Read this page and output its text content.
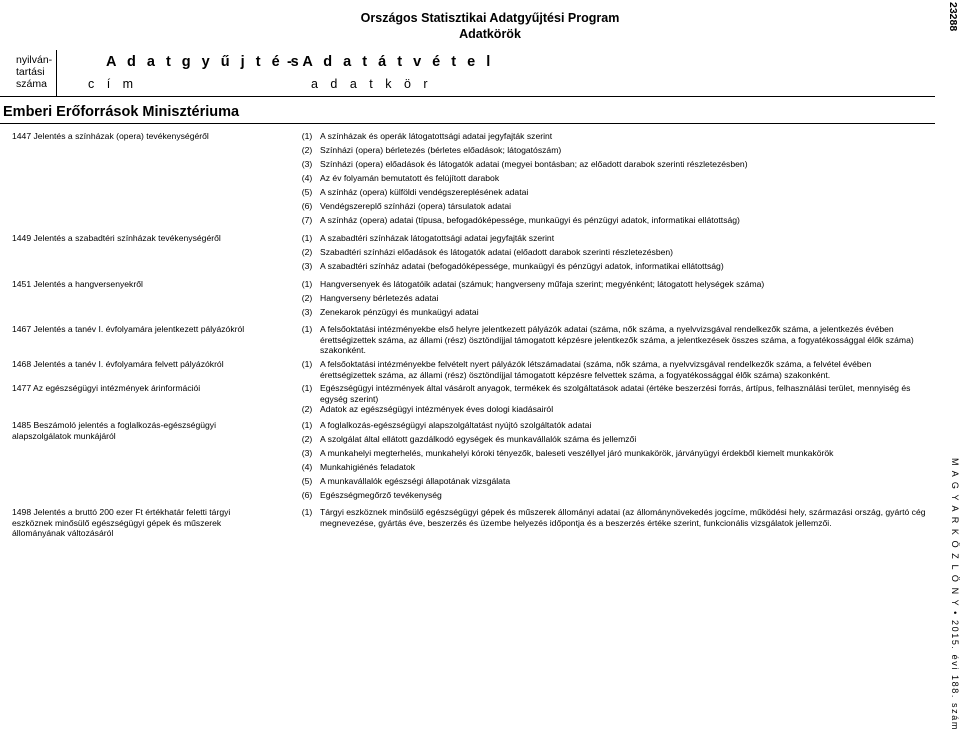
Országos Statisztikai Adatgyűjtési Program
Adatkörök
nyilván-
tartási
száma
A d a t g y ű j t é s
c í m
- A d a t á t v é t e l
a d a t k ö r
Emberi Erőforrások Minisztériuma
1447 Jelentés a színházak (opera) tevékenységéről	(1) A színházak és operák látogatottsági adatai jegyfajták szerint
(2) Színházi (opera) bérletezés (bérletes előadások; látogatószám)
(3) Színházi (opera) előadások és látogatók adatai (megyei bontásban; az előadott darabok szerinti részletezésben)
(4) Az év folyamán bemutatott és felújított darabok
(5) A színház (opera) külföldi vendégszereplésének adatai
(6) Vendégszereplő színházi (opera) társulatok adatai
(7) A színház (opera) adatai (típusa, befogadóképessége, munkaügyi és pénzügyi adatok, informatikai ellátottság)
1449 Jelentés a szabadtéri színházak tevékenységéről	(1) A szabadtéri színházak látogatottsági adatai jegyfajták szerint
(2) Szabadtéri színházi előadások és látogatók adatai (előadott darabok szerinti részletezésben)
(3) A szabadtéri színház adatai (befogadóképessége, munkaügyi és pénzügyi adatok, informatikai ellátottság)
1451 Jelentés a hangversenyekről	(1) Hangversenyek és látogatóik adatai (számuk; hangverseny műfaja szerint; megyénként; látogatott helységek száma)
(2) Hangverseny bérletezés adatai
(3) Zenekarok pénzügyi és munkaügyi adatai
1467 Jelentés a tanév I. évfolyamára jelentkezett pályázókról	(1) A felsőoktatási intézményekbe első helyre jelentkezett pályázók adatai (száma, nők száma, a nyelvvizsgával rendelkezők száma, a jelentkezés évében érettségizettek száma, az állami (rész) ösztöndíjjal támogatott képzésre jelentkezők száma, a jelentkezések összes száma, a fogyatékossággal élők száma) szakonként.
1468 Jelentés a tanév I. évfolyamára felvett pályázókról	(1) A felsőoktatási intézményekbe felvételt nyert pályázók létszámadatai (száma, nők száma, a nyelvvizsgával rendelkezők száma, a felvétel évében érettségizettek száma, az állami (rész) ösztöndíjjal támogatott képzésre felvettek száma, a fogyatékossággal élők száma) szakonként.
1477 Az egészségügyi intézmények árinformációi	(1) Egészségügyi intézmények által vásárolt anyagok, termékek és szolgáltatások adatai (értéke beszerzési forrás, ártípus, felhasználási terület, mennyiség és egység szerint)
(2) Adatok az egészségügyi intézmények éves dologi kiadásairól
1485 Beszámoló jelentés a foglalkozás-egészségügyi alapszolgálatok munkájáról
(1) A foglalkozás-egészségügyi alapszolgáltatást nyújtó szolgáltatók adatai
(2) A szolgálat által ellátott gazdálkodó egységek és munkavállalók száma és jellemzői
(3) A munkahelyi megterhelés, munkahelyi kóroki tényezők, baleseti veszéllyel járó munkakörök, járványügyi érdekből kiemelt munkakörök
(4) Munkahigiénés feladatok
(5) A munkavállalók egészségi állapotának vizsgálata
(6) Egészségmegőrző tevékenység
1498 Jelentés a bruttó 200 ezer Ft értékhatár feletti tárgyi eszköznek minősülő egészségügyi gépek és műszerek állományának változásáról
(1) Tárgyi eszköznek minősülő egészségügyi gépek és műszerek állományi adatai (az állománynövekedés jogcíme, működési hely, származási ország, gyártó cég megnevezése, gyártás éve, beszerzés és üzembe helyezés időpontja és a beszerzés értéke szerint, funkcionális vizsgálatok jellemzői.
23288
M A G Y A R K Ö Z L Ö N Y • 2015. évi 188. szám
